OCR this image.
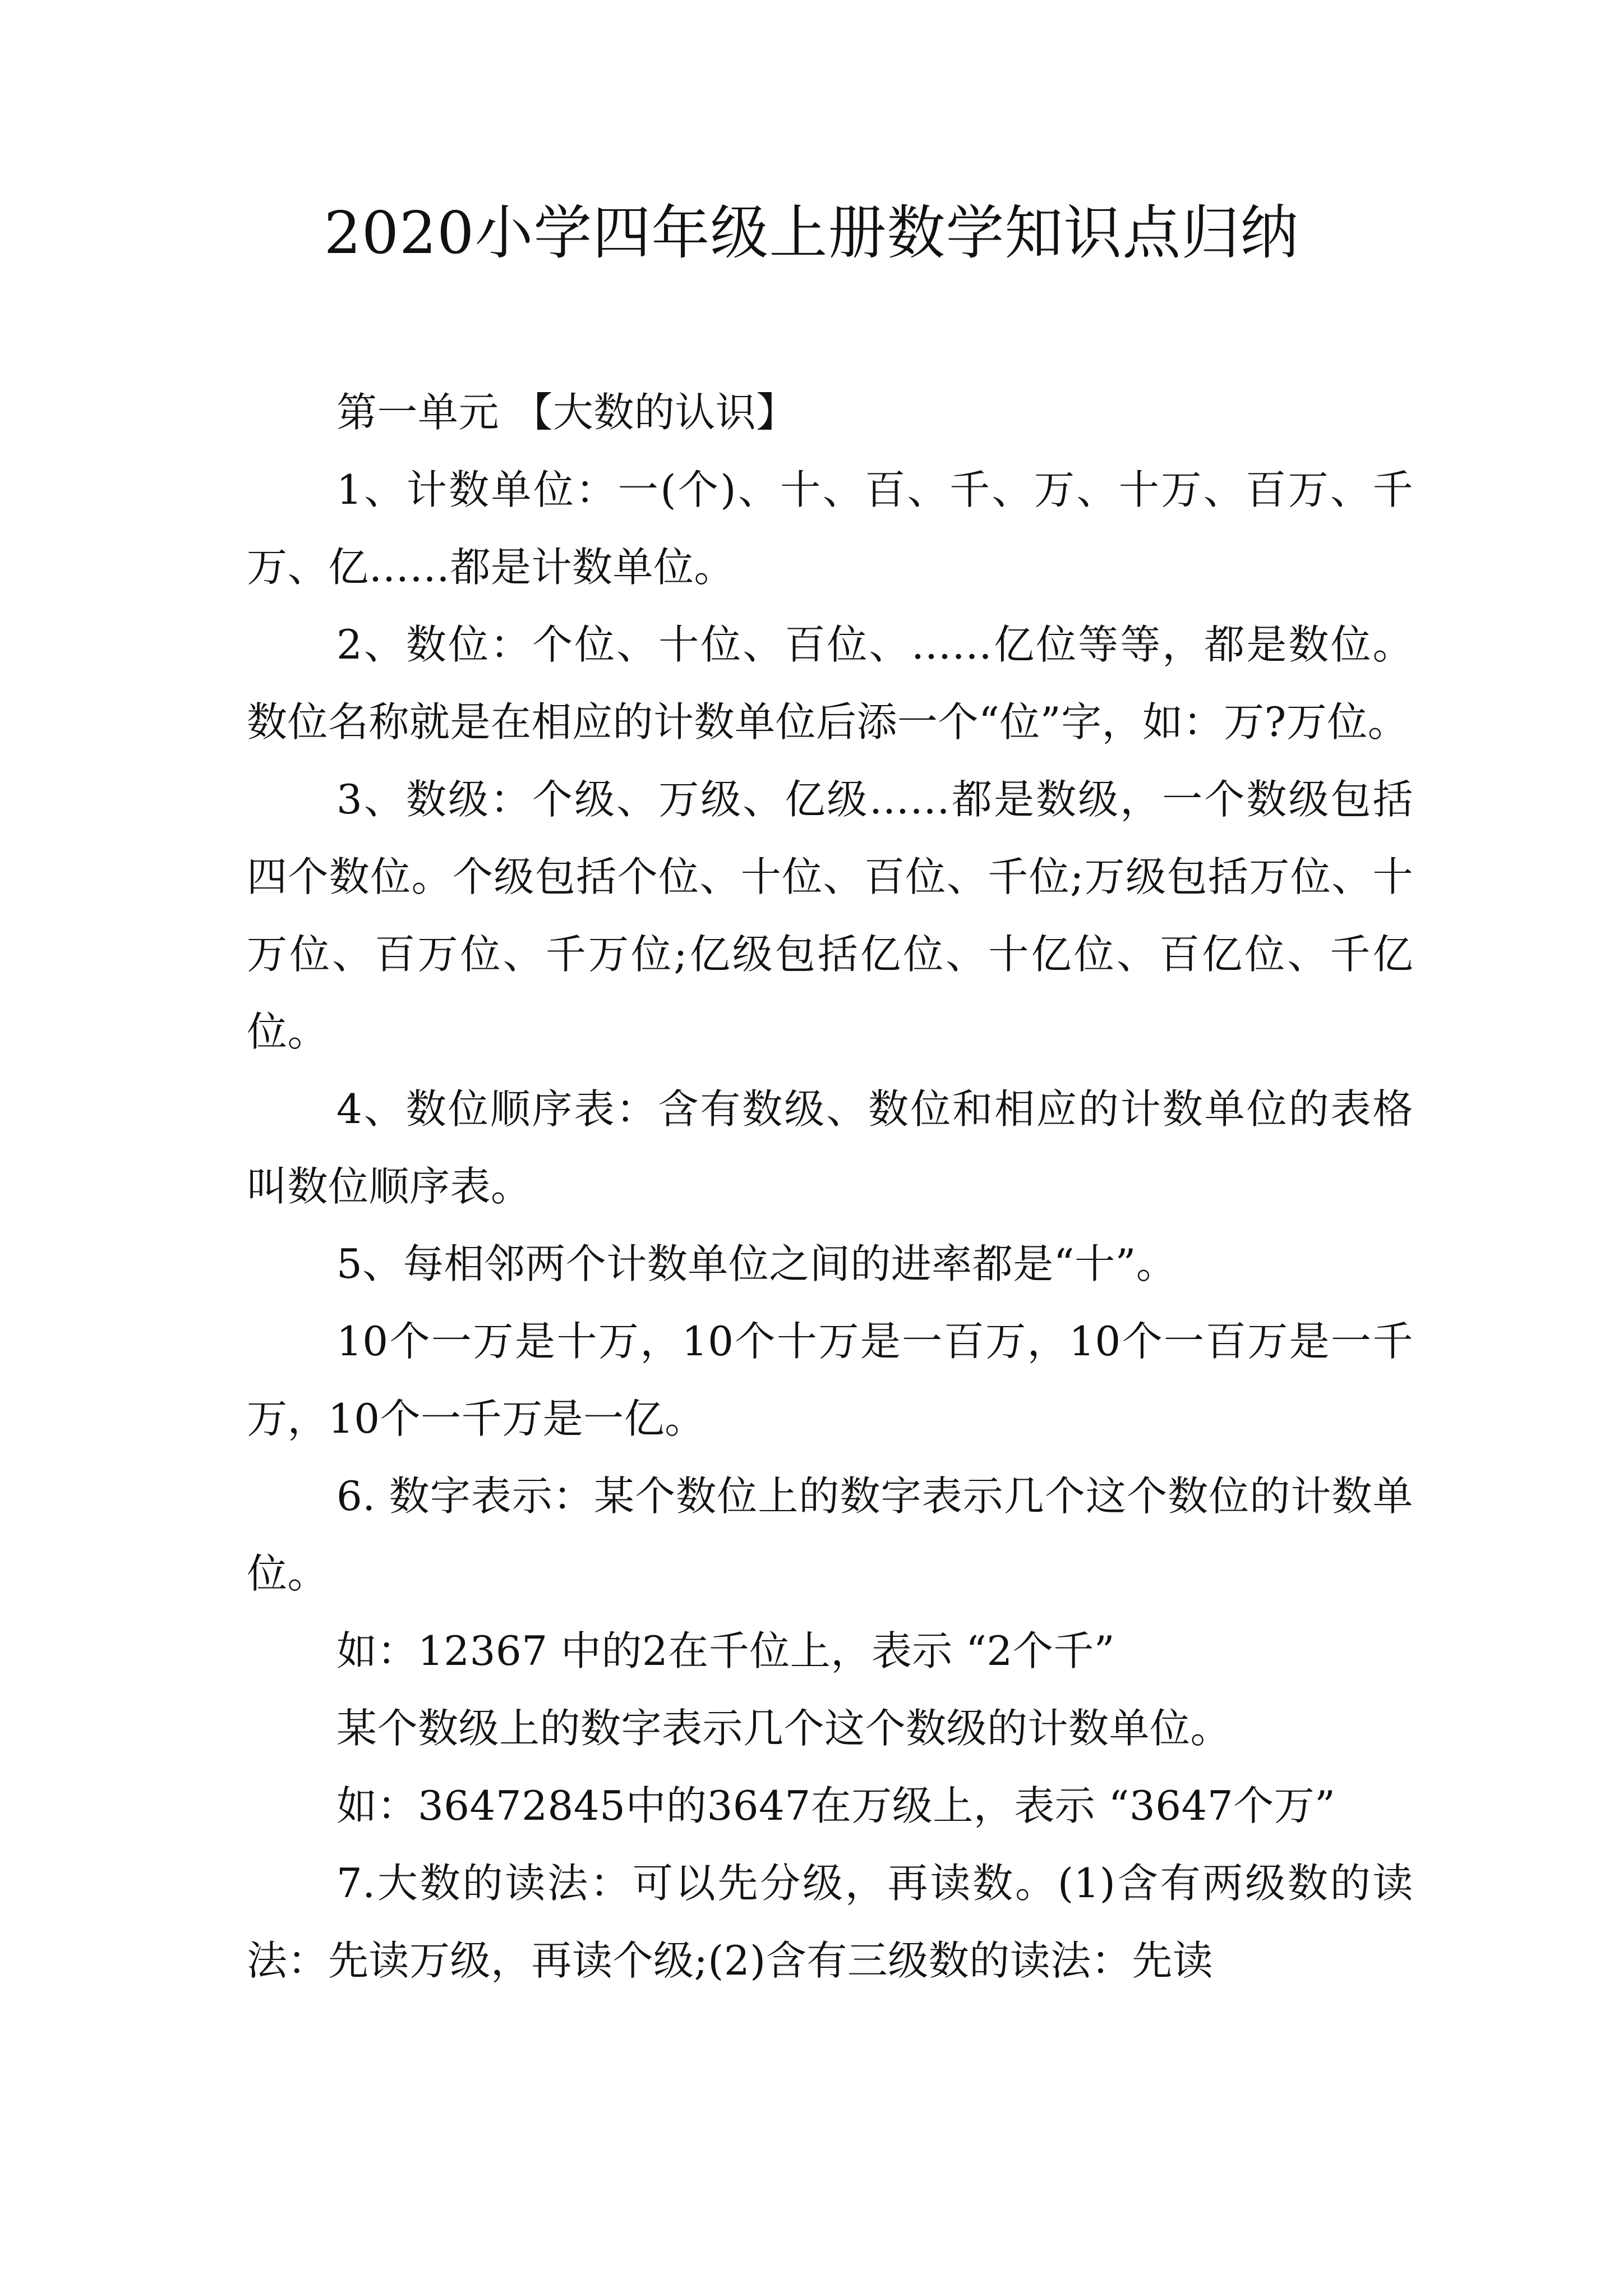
2020小学四年级上册数学知识点归纳

第一单元 【大数的认识】

1、计数单位：一(个)、十、百、千、万、十万、百万、千万、亿……都是计数单位。

2、数位：个位、十位、百位、……亿位等等，都是数位。数位名称就是在相应的计数单位后添一个“位”字，如：万?万位。

3、数级：个级、万级、亿级……都是数级，一个数级包括四个数位。个级包括个位、十位、百位、千位;万级包括万位、十万位、百万位、千万位;亿级包括亿位、十亿位、百亿位、千亿位。

4、数位顺序表：含有数级、数位和相应的计数单位的表格叫数位顺序表。

5、每相邻两个计数单位之间的进率都是“十”。

10个一万是十万，10个十万是一百万，10个一百万是一千万，10个一千万是一亿。

6. 数字表示：某个数位上的数字表示几个这个数位的计数单位。

如：12367 中的2在千位上，表示 “2个千”

某个数级上的数字表示几个这个数级的计数单位。

如：36472845中的3647在万级上，表示 “3647个万”

7.大数的读法：可以先分级，再读数。(1)含有两级数的读法：先读万级，再读个级;(2)含有三级数的读法：先读
